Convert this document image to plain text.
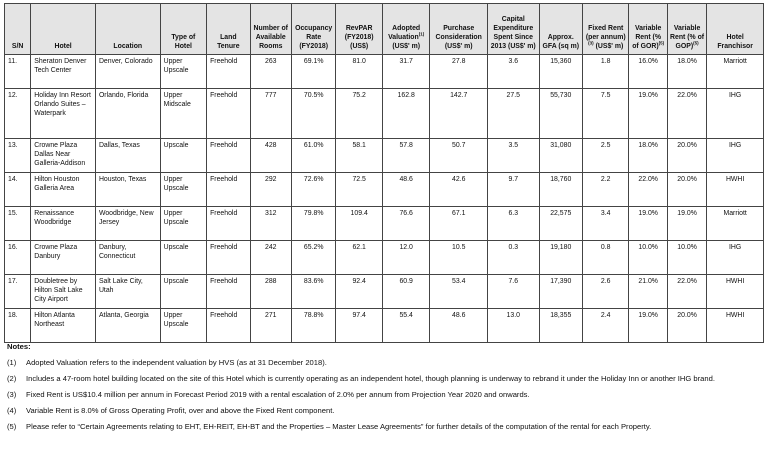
S/N	Hotel	Location	Type of Hotel	Land Tenure	Number of Available Rooms	Occupancy Rate (FY2018)	RevPAR (FY2018) (US$)	Adopted Valuation$^{(1)}$ (US$' m)	Purchase Consideration (US$' m)	Capital Expenditure Spent Since 2013 (US$' m)	Approx. GFA (sq m)	Fixed Rent (per annum)$^{(3)}$ (US$' m)	Variable Rent (% of GOR)$^{(5)}$	Variable Rent (% of GOP)$^{(5)}$	Hotel Franchisor
11.	Sheraton Denver Tech Center	Denver, Colorado	Upper Upscale	Freehold	263	69.1%	81.0	31.7	27.8	3.6	15,360	1.8	16.0%	18.0%	Marriott
12.	Holiday Inn Resort Orlando Suites – Waterpark	Orlando, Florida	Upper Midscale	Freehold	777	70.5%	75.2	162.8	142.7	27.5	55,730	7.5	19.0%	22.0%	IHG
13.	Crowne Plaza Dallas Near Galleria-Addison	Dallas, Texas	Upscale	Freehold	428	61.0%	58.1	57.8	50.7	3.5	31,080	2.5	18.0%	20.0%	IHG
14.	Hilton Houston Galleria Area	Houston, Texas	Upper Upscale	Freehold	292	72.6%	72.5	48.6	42.6	9.7	18,760	2.2	22.0%	20.0%	HWHI
15.	Renaissance Woodbridge	Woodbridge, New Jersey	Upper Upscale	Freehold	312	79.8%	109.4	76.6	67.1	6.3	22,575	3.4	19.0%	19.0%	Marriott
16.	Crowne Plaza Danbury	Danbury, Connecticut	Upscale	Freehold	242	65.2%	62.1	12.0	10.5	0.3	19,180	0.8	10.0%	10.0%	IHG
17.	Doubletree by Hilton Salt Lake City Airport	Salt Lake City, Utah	Upscale	Freehold	288	83.6%	92.4	60.9	53.4	7.6	17,390	2.6	21.0%	22.0%	HWHI
18.	Hilton Atlanta Northeast	Atlanta, Georgia	Upper Upscale	Freehold	271	78.8%	97.4	55.4	48.6	13.0	18,355	2.4	19.0%	20.0%	HWHI
Notes:
(1)	Adopted Valuation refers to the independent valuation by HVS (as at 31 December 2018).
(2)	Includes a 47-room hotel building located on the site of this Hotel which is currently operating as an independent hotel, though planning is underway to rebrand it under the Holiday Inn or another IHG brand.
(3)	Fixed Rent is US$10.4 million per annum in Forecast Period 2019 with a rental escalation of 2.0% per annum from Projection Year 2020 and onwards.
(4)	Variable Rent is 8.0% of Gross Operating Profit, over and above the Fixed Rent component.
(5)	Please refer to “Certain Agreements relating to EHT, EH-REIT, EH-BT and the Properties – Master Lease Agreements” for further details of the computation of the rental for each Property.
